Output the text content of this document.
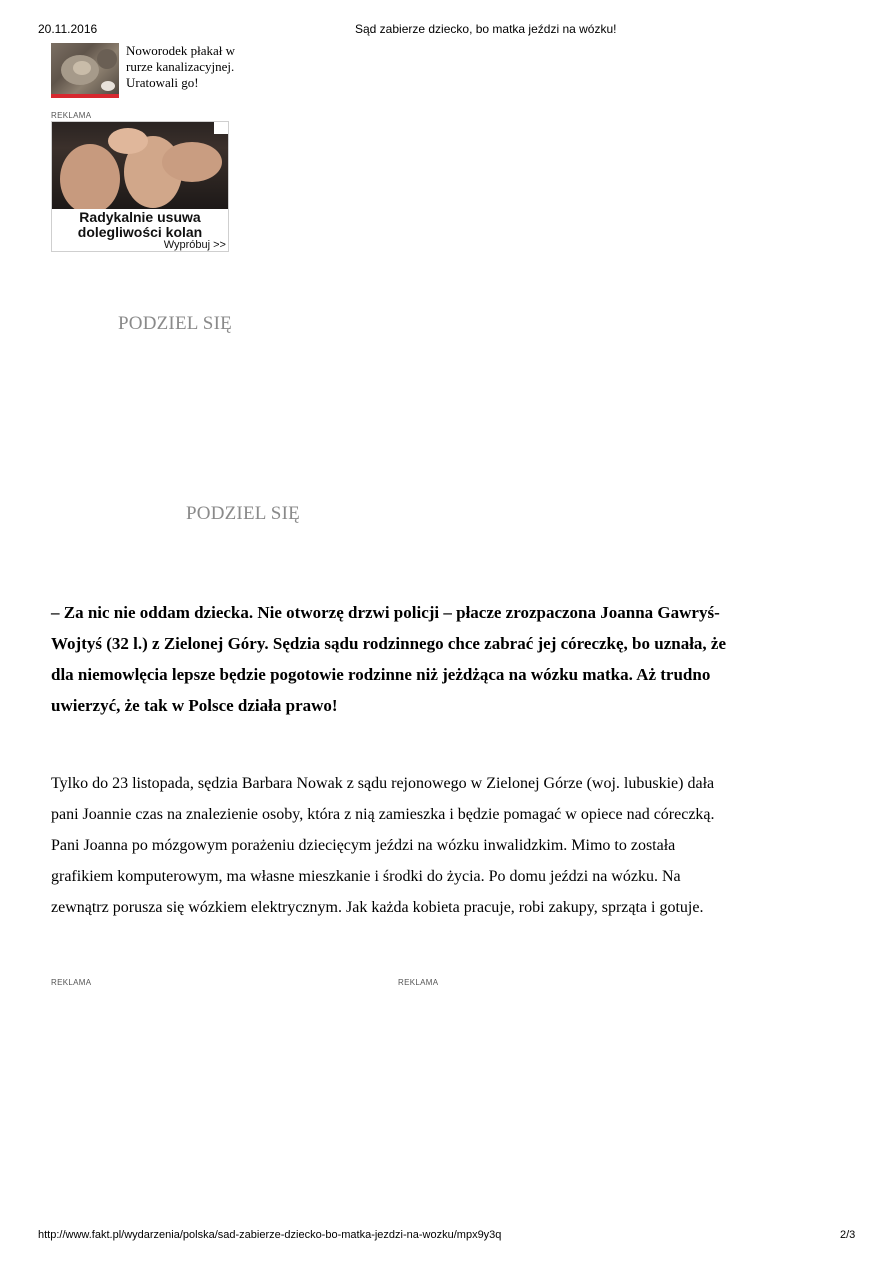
20.11.2016	Sąd zabierze dziecko, bo matka jeździ na wózku!
Noworodek płakał w rurze kanalizacyjnej. Uratowali go!
REKLAMA
Radykalnie usuwa dolegliwości kolan
Wypróbuj >>
PODZIEL SIĘ
PODZIEL SIĘ
– Za nic nie oddam dziecka. Nie otworzę drzwi policji – płacze zrozpaczona Joanna Gawryś-Wojtyś (32 l.) z Zielonej Góry. Sędzia sądu rodzinnego chce zabrać jej córeczkę, bo uznała, że dla niemowlęcia lepsze będzie pogotowie rodzinne niż jeżdżąca na wózku matka. Aż trudno uwierzyć, że tak w Polsce działa prawo!
Tylko do 23 listopada, sędzia Barbara Nowak z sądu rejonowego w Zielonej Górze (woj. lubuskie) dała pani Joannie czas na znalezienie osoby, która z nią zamieszka i będzie pomagać w opiece nad córeczką. Pani Joanna po mózgowym porażeniu dziecięcym jeździ na wózku inwalidzkim. Mimo to została grafikiem komputerowym, ma własne mieszkanie i środki do życia. Po domu jeździ na wózku. Na zewnątrz porusza się wózkiem elektrycznym. Jak każda kobieta pracuje, robi zakupy, sprząta i gotuje.
REKLAMA	REKLAMA
http://www.fakt.pl/wydarzenia/polska/sad-zabierze-dziecko-bo-matka-jezdzi-na-wozku/mpx9y3q	2/3
